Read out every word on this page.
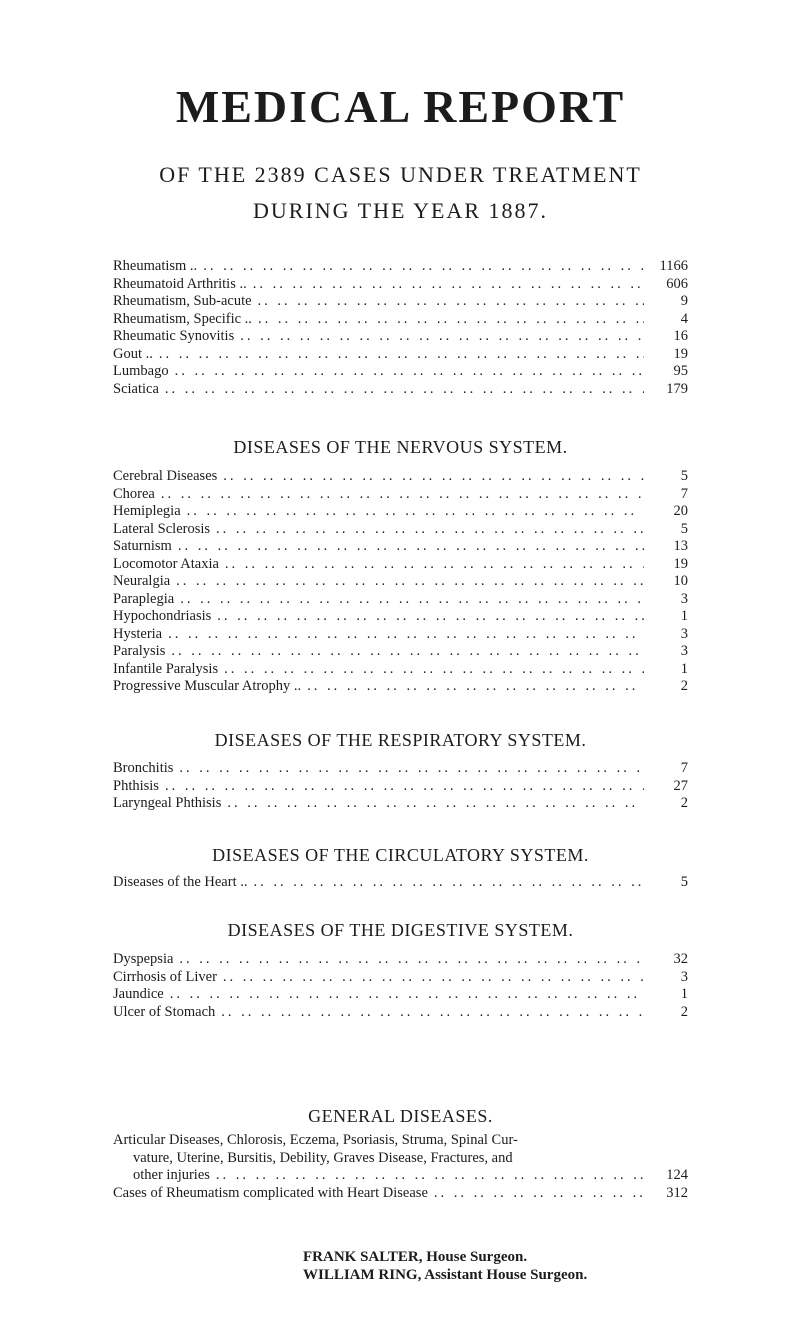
MEDICAL REPORT
OF THE 2389 CASES UNDER TREATMENT
DURING THE YEAR 1887.
Rheumatism .. .. ..	1166
Rheumatoid Arthritis .. .. ..	606
Rheumatism, Sub-acute .. ..	9
Rheumatism, Specific .. .. ..	4
Rheumatic Synovitis .. ..	16
Gout .. .. ..	19
Lumbago .. ..	95
Sciatica .. ..	179
DISEASES OF THE NERVOUS SYSTEM.
Cerebral Diseases .. ..	5
Chorea .. ..	7
Hemiplegia .. ..	20
Lateral Sclerosis .. ..	5
Saturnism .. ..	13
Locomotor Ataxia .. ..	19
Neuralgia .. ..	10
Paraplegia .. ..	3
Hypochondriasis .. ..	1
Hysteria .. ..	3
Paralysis .. ..	3
Infantile Paralysis .. ..	1
Progressive Muscular Atrophy .. .. ..	2
DISEASES OF THE RESPIRATORY SYSTEM.
Bronchitis .. ..	7
Phthisis .. ..	27
Laryngeal Phthisis .. ..	2
DISEASES OF THE CIRCULATORY SYSTEM.
Diseases of the Heart .. .. ..	5
DISEASES OF THE DIGESTIVE SYSTEM.
Dyspepsia .. ..	32
Cirrhosis of Liver .. ..	3
Jaundice .. ..	1
Ulcer of Stomach .. ..	2
GENERAL DISEASES.
Articular Diseases, Chlorosis, Eczema, Psoriasis, Struma, Spinal Cur-
vature, Uterine, Bursitis, Debility, Graves Disease, Fractures, and
other injuries .. ..	124
Cases of Rheumatism complicated with Heart Disease .. ..	312
FRANK SALTER, House Surgeon.
WILLIAM RING, Assistant House Surgeon.
